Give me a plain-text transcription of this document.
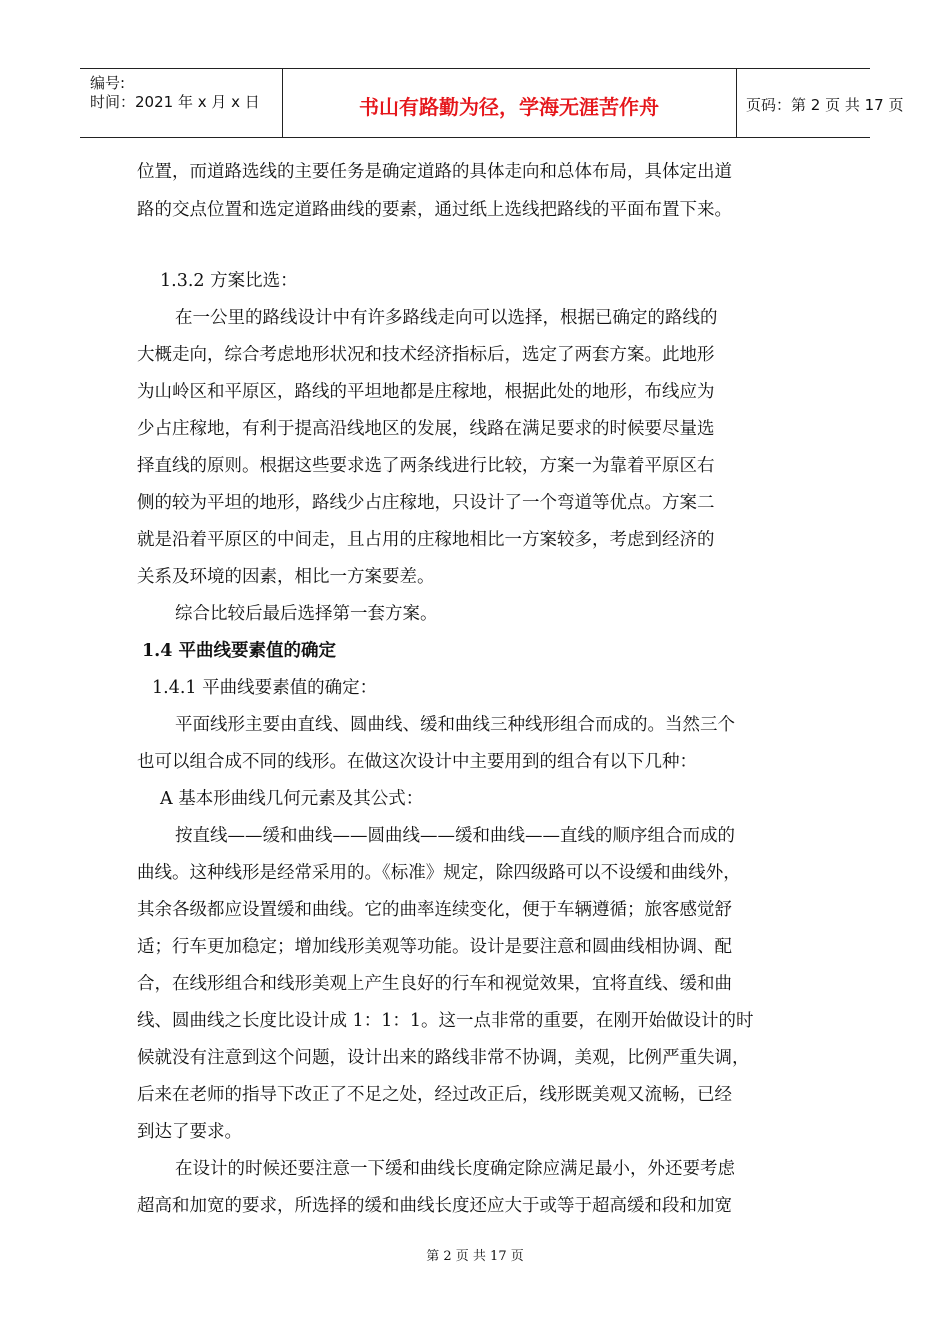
编号:
时间：2021 年 x 月 x 日	书山有路勤为径，学海无涯苦作舟	页码：第 2 页 共 17 页
位置，而道路选线的主要任务是确定道路的具体走向和总体布局，具体定出道
路的交点位置和选定道路曲线的要素，通过纸上选线把路线的平面布置下来。
1.3.2 方案比选：
在一公里的路线设计中有许多路线走向可以选择，根据已确定的路线的
大概走向，综合考虑地形状况和技术经济指标后，选定了两套方案。此地形
为山岭区和平原区，路线的平坦地都是庄稼地，根据此处的地形，布线应为
少占庄稼地，有利于提高沿线地区的发展，线路在满足要求的时候要尽量选
择直线的原则。根据这些要求选了两条线进行比较，方案一为靠着平原区右
侧的较为平坦的地形，路线少占庄稼地，只设计了一个弯道等优点。方案二
就是沿着平原区的中间走，且占用的庄稼地相比一方案较多，考虑到经济的
关系及环境的因素，相比一方案要差。
综合比较后最后选择第一套方案。
1.4 平曲线要素值的确定
1.4.1 平曲线要素值的确定：
平面线形主要由直线、圆曲线、缓和曲线三种线形组合而成的。当然三个
也可以组合成不同的线形。在做这次设计中主要用到的组合有以下几种：
A 基本形曲线几何元素及其公式：
按直线——缓和曲线——圆曲线——缓和曲线——直线的顺序组合而成的
曲线。这种线形是经常采用的。《标准》规定，除四级路可以不设缓和曲线外，
其余各级都应设置缓和曲线。它的曲率连续变化，便于车辆遵循；旅客感觉舒
适；行车更加稳定；增加线形美观等功能。设计是要注意和圆曲线相协调、配
合，在线形组合和线形美观上产生良好的行车和视觉效果，宜将直线、缓和曲
线、圆曲线之长度比设计成 1：1：1。这一点非常的重要，在刚开始做设计的时
候就没有注意到这个问题，设计出来的路线非常不协调，美观，比例严重失调，
后来在老师的指导下改正了不足之处，经过改正后，线形既美观又流畅，已经
到达了要求。
在设计的时候还要注意一下缓和曲线长度确定除应满足最小，外还要考虑
超高和加宽的要求，所选择的缓和曲线长度还应大于或等于超高缓和段和加宽
第 2 页 共 17 页
